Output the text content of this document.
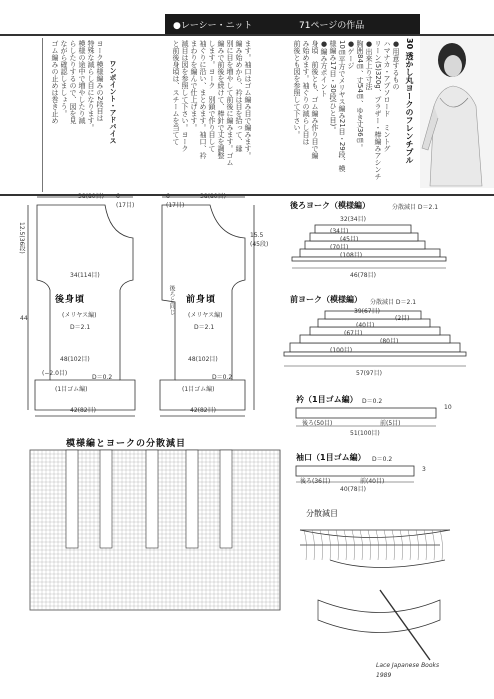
●レーシー・ニット	71ページの作品
30 透かし丸ヨークのフレンチプル
●用意するもの
ハマナカ・アプソロード　ミントグ
リーン(5)320g、プラザー・棒編みアシンチ
●出来上り寸法
胸囲84㎝、丈54㎝、ゆき丈36㎝。
●ゲージ
10㎝平方でメリヤス編み21目・29段、模
様編み17目・30段(ひと目)。
●編み方ポイント
身頃　前後とも、ゴム編み作り目で編
み始めます。袖ぐりの減らし目は
前後とも図を参照して下さい。
ます。袖口はゴム編み目で編みます。
編み始めから、衿は目を拾って、縁
別に目を増やして前後に編みます。ゴム
編みで前後を続けて、棒針で丈を調整
します。ヨーク　別鎖で作り目して
袖ぐりに沿い、まとめます。袖口、衿
まわりを編んで仕上げます。
減目は図を参照して下さい。ヨーク
と前後身頃は、スチームを当てて
ワンポイント・アドバイス
ヨーク模様編みの2段目は
特殊な減らし目になります。
模様の途中で増やしたり減
らしたりするので、図を見
ながら確認しましょう。
ゴム編みの止めは巻き止め
38(80目) 6
(17目)
12.5(36段)
34(114目)
後身頃
(メリヤス編)
D＝2.1
44
48(102目)
(−2.0目)
D＝0.2
(1目ゴム編)
42(82目)
38(80目)
6
(17目)
後ろと同じ
15.5
(45段)
前身頃
(メリヤス編)
D＝2.1
48(102目)
D＝0.2
(1目ゴム編)
42(82目)
後ろヨーク（模様編）	分散減目 D＝2.1
32(34目)
(34目)
(45目)
(70目)
(108目)
46(78目)
前ヨーク（模様編） 分散減目 D＝2.1
39(67目)
(2目)
(40目)
(67目)
(80目)
(100目)
57(97目)
衿（1目ゴム編） D＝0.2
後ろ(50目)	前(5目)
51(100目)
10
袖口（1目ゴム編） D＝0.2
後ろ(36目)	前(40目)
40(78目)
3
模様編とヨークの分散減目
分散減目
Lace Japanese Books
1989
